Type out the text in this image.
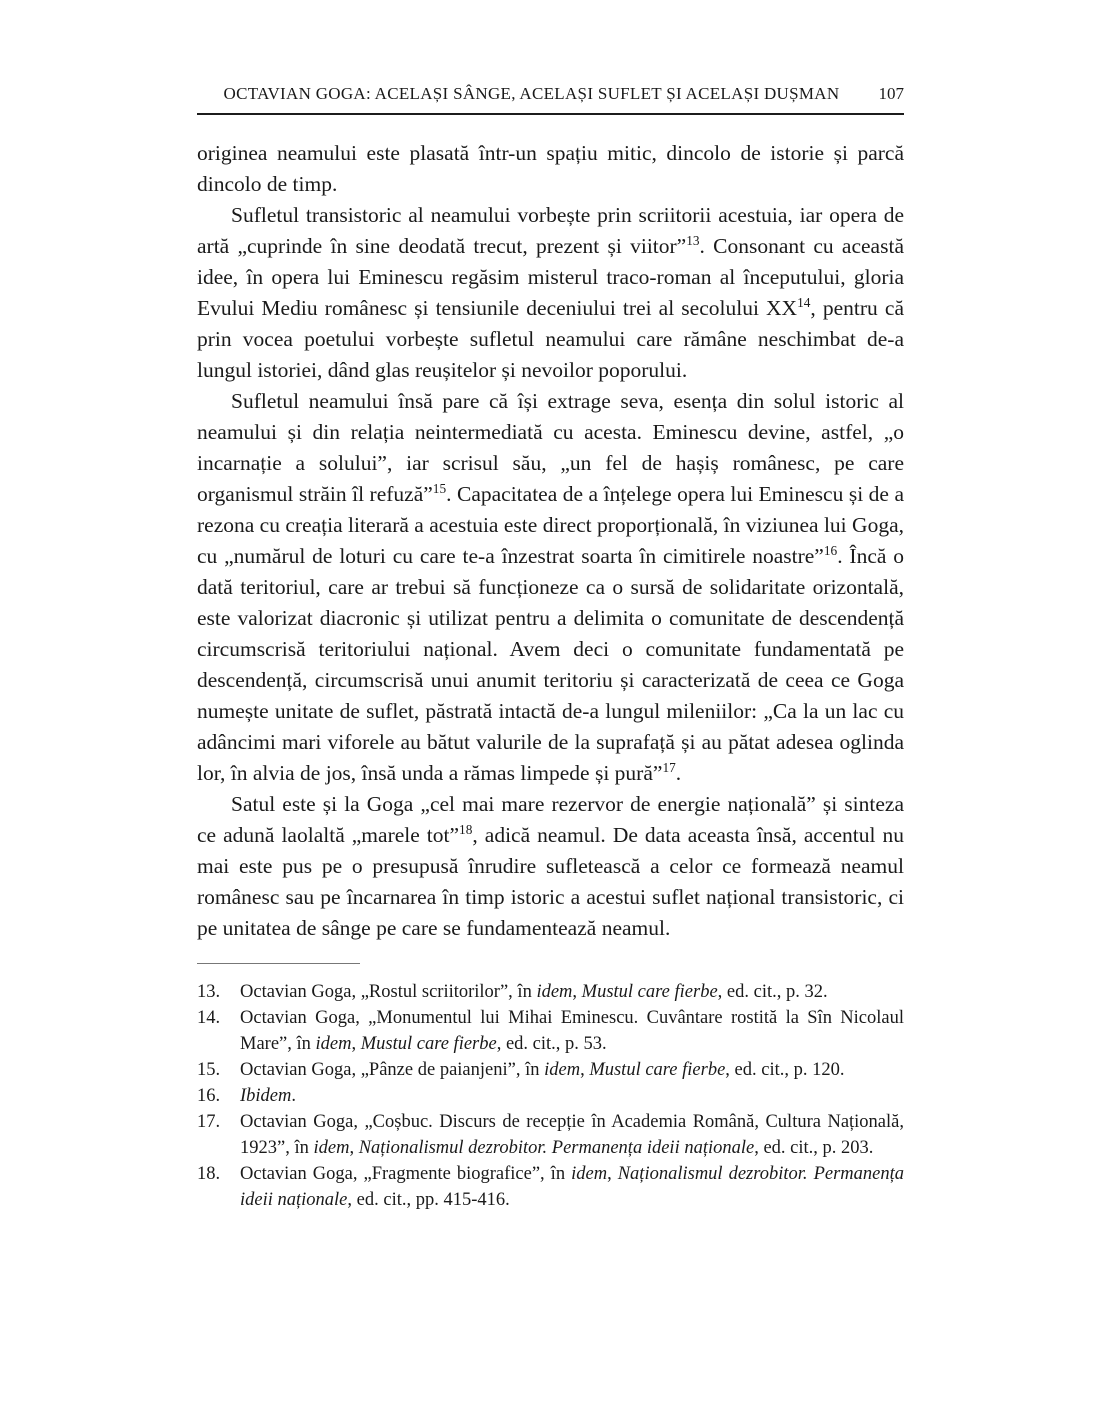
OCTAVIAN GOGA: ACELAȘI SÂNGE, ACELAȘI SUFLET ȘI ACELAȘI DUȘMAN	107

originea neamului este plasată într-un spațiu mitic, dincolo de istorie și parcă dincolo de timp.

Sufletul transistoric al neamului vorbește prin scriitorii acestuia, iar opera de artă „cuprinde în sine deodată trecut, prezent și viitor”$^{13}$. Consonant cu această idee, în opera lui Eminescu regăsim misterul traco-roman al începutului, gloria Evului Mediu românesc și tensiunile deceniului trei al secolului XX$^{14}$, pentru că prin vocea poetului vorbește sufletul neamului care rămâne neschimbat de-a lungul istoriei, dând glas reușitelor și nevoilor poporului.

Sufletul neamului însă pare că își extrage seva, esența din solul istoric al neamului și din relația neintermediată cu acesta. Eminescu devine, astfel, „o incarnație a solului”, iar scrisul său, „un fel de hașiș românesc, pe care organismul străin îl refuză”$^{15}$. Capacitatea de a înțelege opera lui Eminescu și de a rezona cu creația literară a acestuia este direct proporțională, în viziunea lui Goga, cu „numărul de loturi cu care te-a înzestrat soarta în cimitirele noastre”$^{16}$. Încă o dată teritoriul, care ar trebui să funcționeze ca o sursă de solidaritate orizontală, este valorizat diacronic și utilizat pentru a delimita o comunitate de descendență circumscrisă teritoriului național. Avem deci o comunitate fundamentată pe descendență, circumscrisă unui anumit teritoriu și caracterizată de ceea ce Goga numește unitate de suflet, păstrată intactă de-a lungul mileniilor: „Ca la un lac cu adâncimi mari viforele au bătut valurile de la suprafață și au pătat adesea oglinda lor, în alvia de jos, însă unda a rămas limpede și pură”$^{17}$.

Satul este și la Goga „cel mai mare rezervor de energie națională” și sinteza ce adună laolaltă „marele tot”$^{18}$, adică neamul. De data aceasta însă, accentul nu mai este pus pe o presupusă înrudire sufletească a celor ce formează neamul românesc sau pe încarnarea în timp istoric a acestui suflet național transistoric, ci pe unitatea de sânge pe care se fundamentează neamul.

13.	Octavian Goga, „Rostul scriitorilor”, în idem, Mustul care fierbe, ed. cit., p. 32.
14.	Octavian Goga, „Monumentul lui Mihai Eminescu. Cuvântare rostită la Sîn Nicolaul Mare”, în idem, Mustul care fierbe, ed. cit., p. 53.
15.	Octavian Goga, „Pânze de paianjeni”, în idem, Mustul care fierbe, ed. cit., p. 120.
16.	Ibidem.
17.	Octavian Goga, „Coșbuc. Discurs de recepție în Academia Română, Cultura Națională, 1923”, în idem, Naționalismul dezrobitor. Permanența ideii naționale, ed. cit., p. 203.
18.	Octavian Goga, „Fragmente biografice”, în idem, Naționalismul dezrobitor. Permanența ideii naționale, ed. cit., pp. 415-416.
